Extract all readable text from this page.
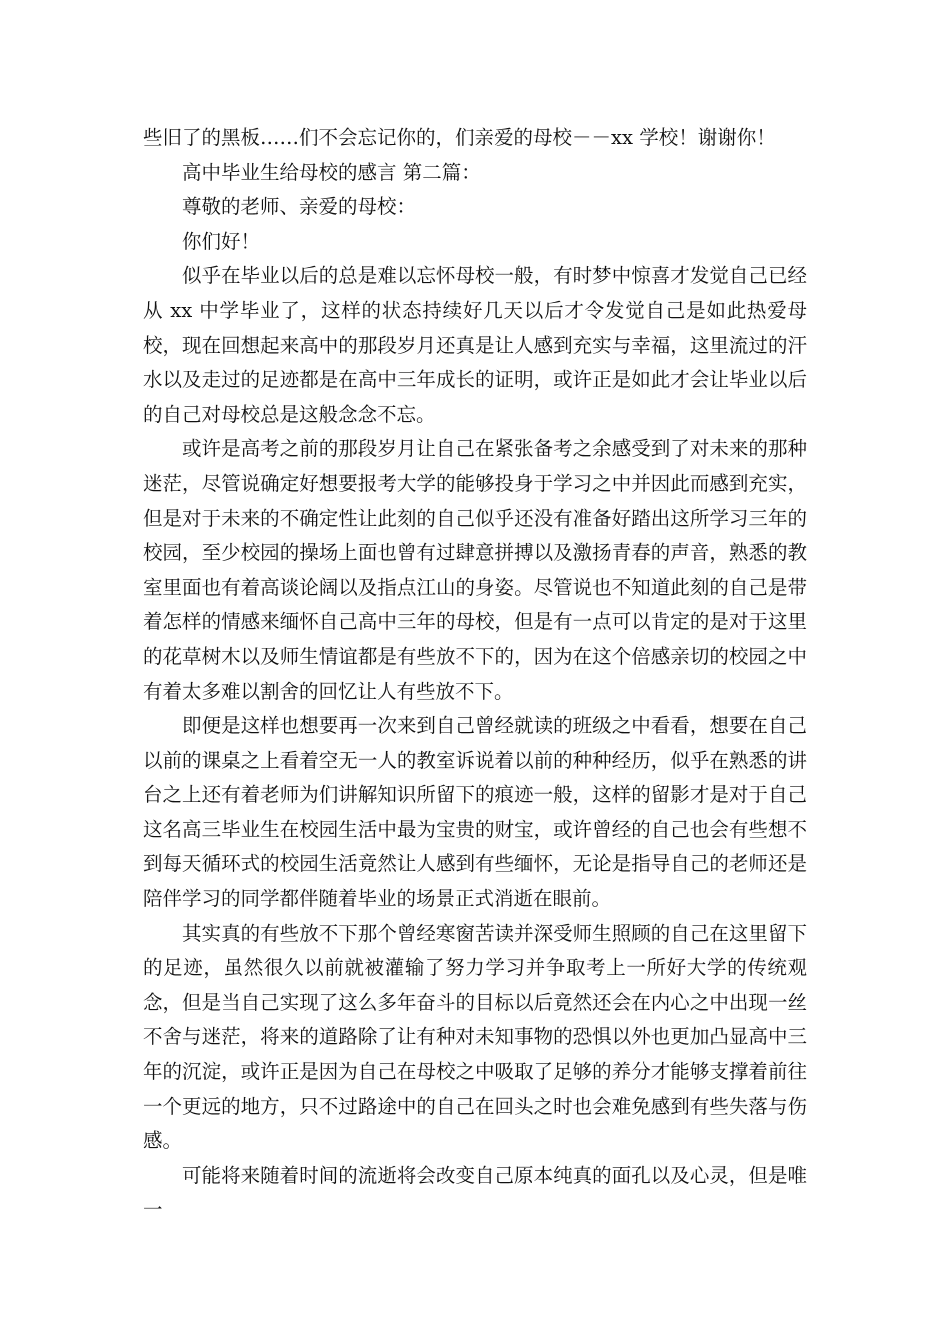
些旧了的黑板……们不会忘记你的，们亲爱的母校－－xx 学校！谢谢你！

高中毕业生给母校的感言 第二篇：

尊敬的老师、亲爱的母校：

你们好！

似乎在毕业以后的总是难以忘怀母校一般，有时梦中惊喜才发觉自己已经从 xx 中学毕业了，这样的状态持续好几天以后才令发觉自己是如此热爱母校，现在回想起来高中的那段岁月还真是让人感到充实与幸福，这里流过的汗水以及走过的足迹都是在高中三年成长的证明，或许正是如此才会让毕业以后的自己对母校总是这般念念不忘。

或许是高考之前的那段岁月让自己在紧张备考之余感受到了对未来的那种迷茫，尽管说确定好想要报考大学的能够投身于学习之中并因此而感到充实，但是对于未来的不确定性让此刻的自己似乎还没有准备好踏出这所学习三年的校园，至少校园的操场上面也曾有过肆意拼搏以及激扬青春的声音，熟悉的教室里面也有着高谈论阔以及指点江山的身姿。尽管说也不知道此刻的自己是带着怎样的情感来缅怀自己高中三年的母校，但是有一点可以肯定的是对于这里的花草树木以及师生情谊都是有些放不下的，因为在这个倍感亲切的校园之中有着太多难以割舍的回忆让人有些放不下。

即便是这样也想要再一次来到自己曾经就读的班级之中看看，想要在自己以前的课桌之上看着空无一人的教室诉说着以前的种种经历，似乎在熟悉的讲台之上还有着老师为们讲解知识所留下的痕迹一般，这样的留影才是对于自己这名高三毕业生在校园生活中最为宝贵的财宝，或许曾经的自己也会有些想不到每天循环式的校园生活竟然让人感到有些缅怀，无论是指导自己的老师还是陪伴学习的同学都伴随着毕业的场景正式消逝在眼前。

其实真的有些放不下那个曾经寒窗苦读并深受师生照顾的自己在这里留下的足迹，虽然很久以前就被灌输了努力学习并争取考上一所好大学的传统观念，但是当自己实现了这么多年奋斗的目标以后竟然还会在内心之中出现一丝不舍与迷茫，将来的道路除了让有种对未知事物的恐惧以外也更加凸显高中三年的沉淀，或许正是因为自己在母校之中吸取了足够的养分才能够支撑着前往一个更远的地方，只不过路途中的自己在回头之时也会难免感到有些失落与伤感。

可能将来随着时间的流逝将会改变自己原本纯真的面孔以及心灵，但是唯一
